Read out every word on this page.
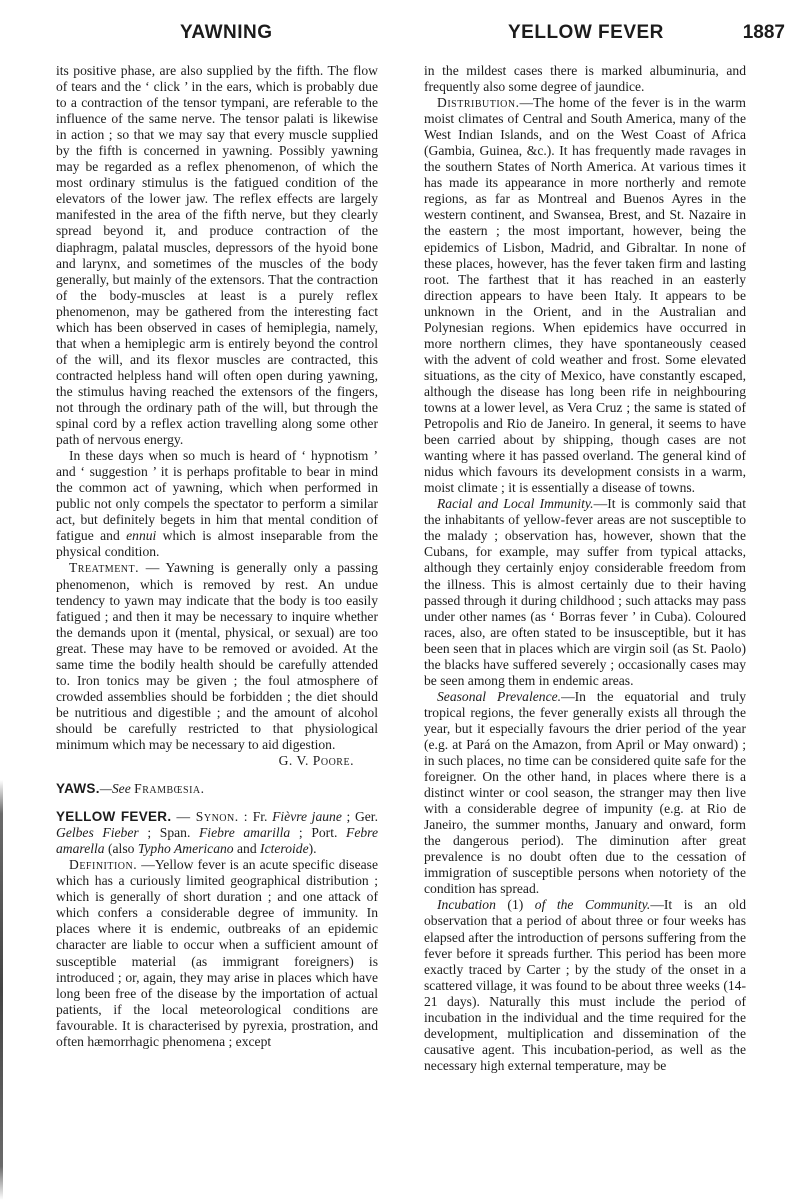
YAWNING	YELLOW FEVER	1887

its positive phase, are also supplied by the fifth. The flow of tears and the ‘ click ’ in the ears, which is probably due to a contraction of the tensor tympani, are referable to the influence of the same nerve. The tensor palati is likewise in action ; so that we may say that every muscle supplied by the fifth is concerned in yawning. Possibly yawning may be regarded as a reflex phenomenon, of which the most ordinary stimulus is the fatigued condition of the elevators of the lower jaw. The reflex effects are largely manifested in the area of the fifth nerve, but they clearly spread beyond it, and produce contraction of the diaphragm, palatal muscles, depressors of the hyoid bone and larynx, and sometimes of the muscles of the body generally, but mainly of the extensors. That the contraction of the body-muscles at least is a purely reflex phenomenon, may be gathered from the interesting fact which has been observed in cases of hemiplegia, namely, that when a hemiplegic arm is entirely beyond the control of the will, and its flexor muscles are contracted, this contracted helpless hand will often open during yawning, the stimulus having reached the extensors of the fingers, not through the ordinary path of the will, but through the spinal cord by a reflex action travelling along some other path of nervous energy.

In these days when so much is heard of ‘ hypnotism ’ and ‘ suggestion ’ it is perhaps profitable to bear in mind the common act of yawning, which when performed in public not only compels the spectator to perform a similar act, but definitely begets in him that mental condition of fatigue and ennui which is almost inseparable from the physical condition.

Treatment. — Yawning is generally only a passing phenomenon, which is removed by rest. An undue tendency to yawn may indicate that the body is too easily fatigued ; and then it may be necessary to inquire whether the demands upon it (mental, physical, or sexual) are too great. These may have to be removed or avoided. At the same time the bodily health should be carefully attended to. Iron tonics may be given ; the foul atmosphere of crowded assemblies should be forbidden ; the diet should be nutritious and digestible ; and the amount of alcohol should be carefully restricted to that physiological minimum which may be necessary to aid digestion.

G. V. Poore.

YAWS.—See Frambœsia.

YELLOW FEVER. — Synon. : Fr. Fièvre jaune ; Ger. Gelbes Fieber ; Span. Fiebre amarilla ; Port. Febre amarella (also Typho Americano and Icteroide).

Definition. —Yellow fever is an acute specific disease which has a curiously limited geographical distribution ; which is generally of short duration ; and one attack of which confers a considerable degree of immunity. In places where it is endemic, outbreaks of an epidemic character are liable to occur when a sufficient amount of susceptible material (as immigrant foreigners) is introduced ; or, again, they may arise in places which have long been free of the disease by the importation of actual patients, if the local meteorological conditions are favourable. It is characterised by pyrexia, prostration, and often hæmorrhagic phenomena ; except

in the mildest cases there is marked albuminuria, and frequently also some degree of jaundice.

Distribution.—The home of the fever is in the warm moist climates of Central and South America, many of the West Indian Islands, and on the West Coast of Africa (Gambia, Guinea, &c.). It has frequently made ravages in the southern States of North America. At various times it has made its appearance in more northerly and remote regions, as far as Montreal and Buenos Ayres in the western continent, and Swansea, Brest, and St. Nazaire in the eastern ; the most important, however, being the epidemics of Lisbon, Madrid, and Gibraltar. In none of these places, however, has the fever taken firm and lasting root. The farthest that it has reached in an easterly direction appears to have been Italy. It appears to be unknown in the Orient, and in the Australian and Polynesian regions. When epidemics have occurred in more northern climes, they have spontaneously ceased with the advent of cold weather and frost. Some elevated situations, as the city of Mexico, have constantly escaped, although the disease has long been rife in neighbouring towns at a lower level, as Vera Cruz ; the same is stated of Petropolis and Rio de Janeiro. In general, it seems to have been carried about by shipping, though cases are not wanting where it has passed overland. The general kind of nidus which favours its development consists in a warm, moist climate ; it is essentially a disease of towns.

Racial and Local Immunity.—It is commonly said that the inhabitants of yellow-fever areas are not susceptible to the malady ; observation has, however, shown that the Cubans, for example, may suffer from typical attacks, although they certainly enjoy considerable freedom from the illness. This is almost certainly due to their having passed through it during childhood ; such attacks may pass under other names (as ‘ Borras fever ’ in Cuba). Coloured races, also, are often stated to be insusceptible, but it has been seen that in places which are virgin soil (as St. Paolo) the blacks have suffered severely ; occasionally cases may be seen among them in endemic areas.

Seasonal Prevalence.—In the equatorial and truly tropical regions, the fever generally exists all through the year, but it especially favours the drier period of the year (e.g. at Pará on the Amazon, from April or May onward) ; in such places, no time can be considered quite safe for the foreigner. On the other hand, in places where there is a distinct winter or cool season, the stranger may then live with a considerable degree of impunity (e.g. at Rio de Janeiro, the summer months, January and onward, form the dangerous period). The diminution after great prevalence is no doubt often due to the cessation of immigration of susceptible persons when notoriety of the condition has spread.

Incubation (1) of the Community.—It is an old observation that a period of about three or four weeks has elapsed after the introduction of persons suffering from the fever before it spreads further. This period has been more exactly traced by Carter ; by the study of the onset in a scattered village, it was found to be about three weeks (14-21 days). Naturally this must include the period of incubation in the individual and the time required for the development, multiplication and dissemination of the causative agent. This incubation-period, as well as the necessary high external temperature, may be
